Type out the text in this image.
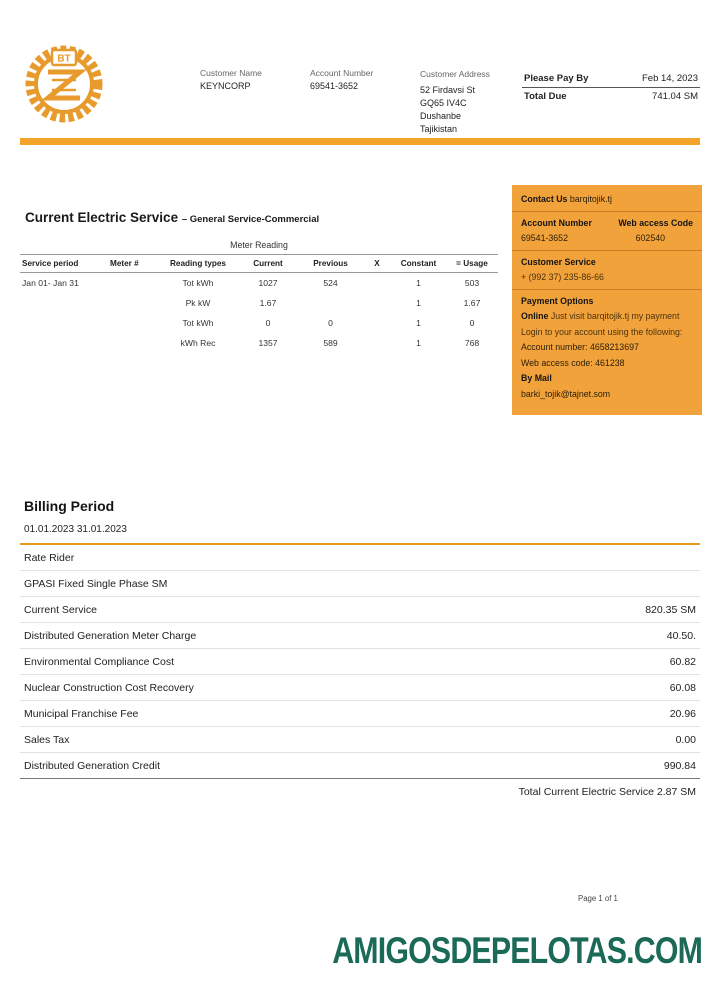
BT
Customer Name
KEYNCORP
Account Number
69541-3652
Customer Address
52 Firdavsi St
GQ65 IV4C
Dushanbe
Tajikistan
Please Pay By	Feb 14, 2023
Total Due	741.04 SM
Contact Us barqitojik.tj
Account Number	Web access Code
69541-3652	602540
Customer Service
+ (992 37) 235-86-66
Payment Options
Online Just visit barqitojik.tj my payment
Login to your account using the following:
Account number: 4658213697
Web access code: 461238
By Mail
barki_tojik@tajnet.som
Current Electric Service – General Service-Commercial
Meter Reading
Service period	Meter #	Reading types	Current	Previous	X	Constant	= Usage
Jan 01- Jan 31		Tot kWh	1027	524		1	503
		Pk kW	1.67			1	1.67
		Tot kWh	0	0		1	0
		kWh Rec	1357	589		1	768
Billing Period
01.01.2023 31.01.2023
Rate Rider
GPASI Fixed Single Phase SM
Current Service	820.35 SM
Distributed Generation Meter Charge	40.50.
Environmental Compliance Cost	60.82
Nuclear Construction Cost Recovery	60.08
Municipal Franchise Fee	20.96
Sales Tax	0.00
Distributed Generation Credit	990.84
Total Current Electric Service 2.87 SM
Page 1 of 1
AMIGOSDEPELOTAS.COM
